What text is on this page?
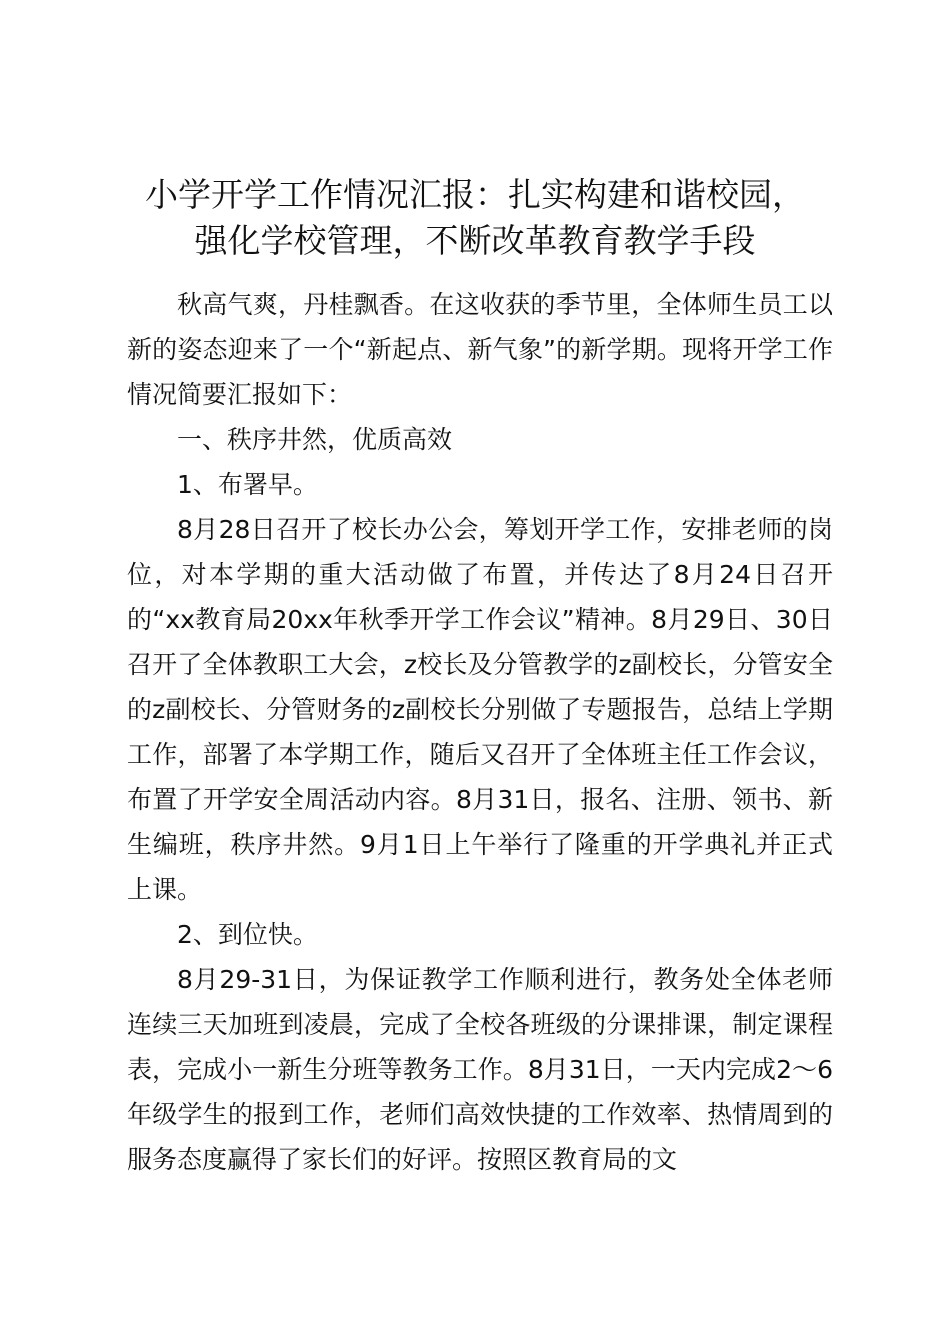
小学开学工作情况汇报：扎实构建和谐校园，
强化学校管理，不断改革教育教学手段

秋高气爽，丹桂飘香。在这收获的季节里，全体师生员工以新的姿态迎来了一个“新起点、新气象”的新学期。现将开学工作情况简要汇报如下：

一、秩序井然，优质高效

1、布署早。

8月28日召开了校长办公会，筹划开学工作，安排老师的岗位，对本学期的重大活动做了布置，并传达了8月24日召开的“xx教育局20xx年秋季开学工作会议”精神。8月29日、30日召开了全体教职工大会，z校长及分管教学的z副校长，分管安全的z副校长、分管财务的z副校长分别做了专题报告，总结上学期工作，部署了本学期工作，随后又召开了全体班主任工作会议，布置了开学安全周活动内容。8月31日，报名、注册、领书、新生编班，秩序井然。9月1日上午举行了隆重的开学典礼并正式上课。

2、到位快。

8月29-31日，为保证教学工作顺利进行，教务处全体老师连续三天加班到凌晨，完成了全校各班级的分课排课，制定课程表，完成小一新生分班等教务工作。8月31日，一天内完成2～6年级学生的报到工作，老师们高效快捷的工作效率、热情周到的服务态度赢得了家长们的好评。按照区教育局的文
